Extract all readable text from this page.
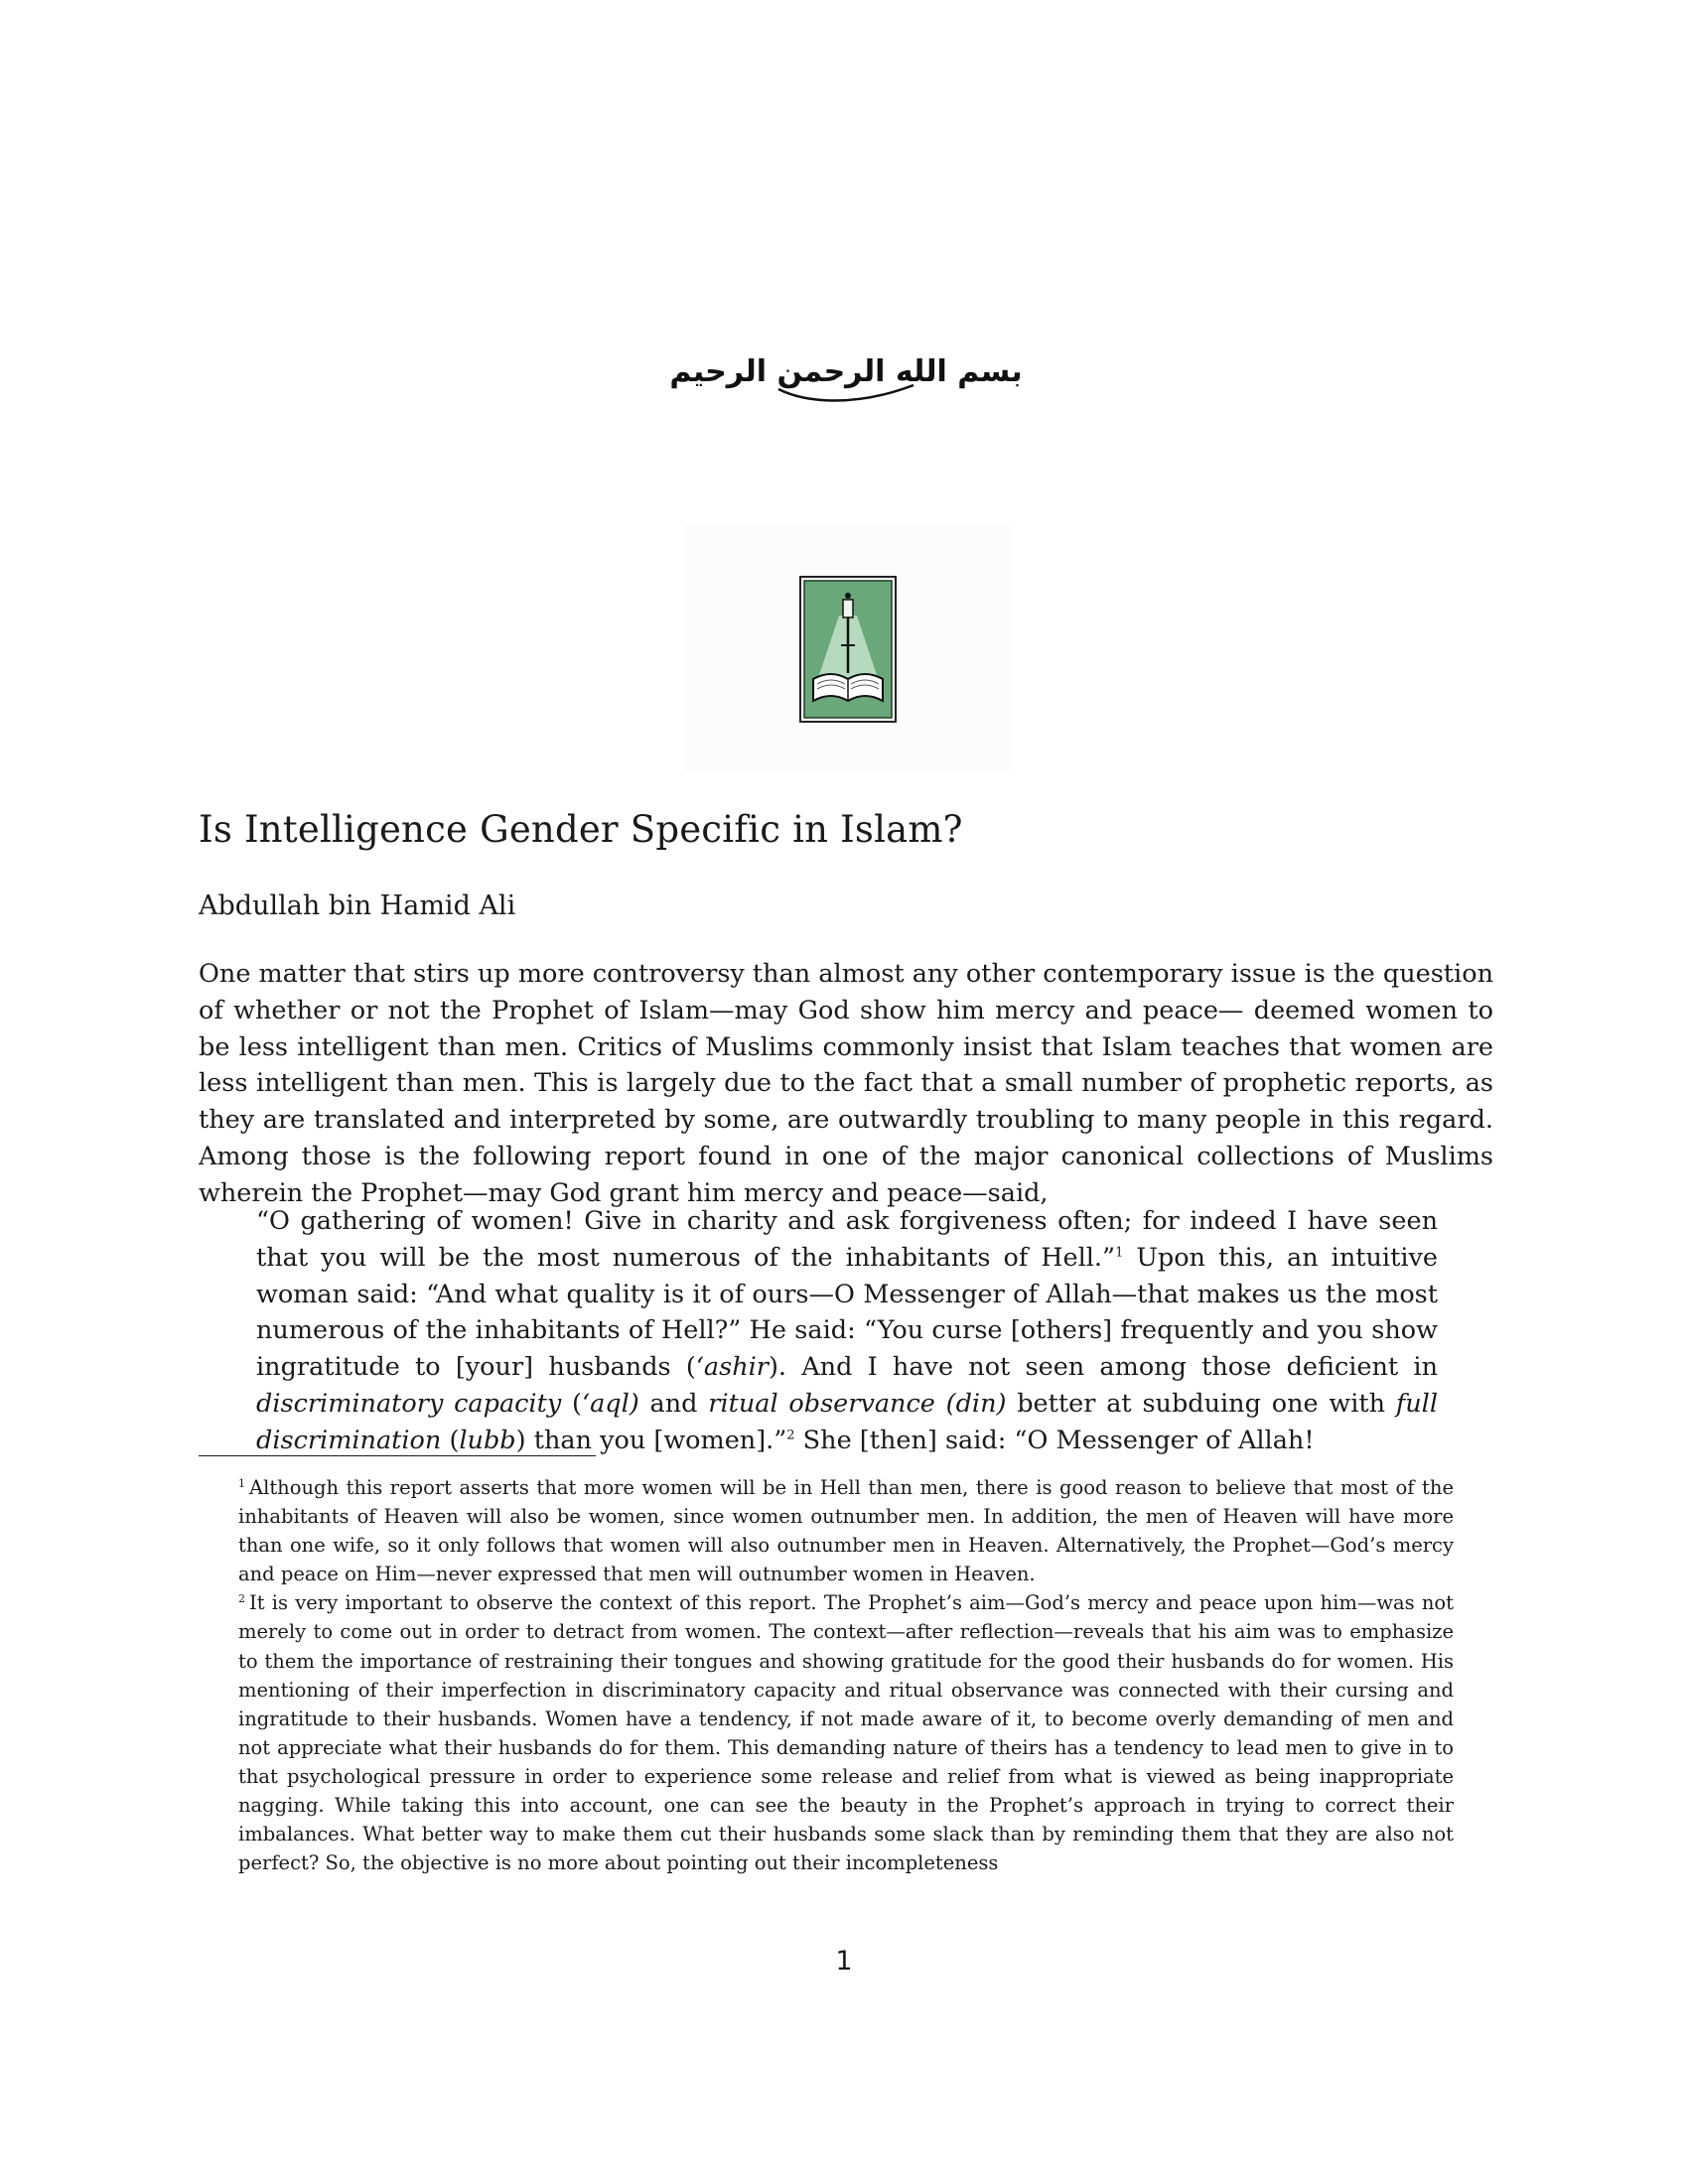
بسم الله الرحمن الرحيم
Is Intelligence Gender Specific in Islam?
Abdullah bin Hamid Ali

One matter that stirs up more controversy than almost any other contemporary issue is the question of whether or not the Prophet of Islam—may God show him mercy and peace— deemed women to be less intelligent than men. Critics of Muslims commonly insist that Islam teaches that women are less intelligent than men. This is largely due to the fact that a small number of prophetic reports, as they are translated and interpreted by some, are outwardly troubling to many people in this regard. Among those is the following report found in one of the major canonical collections of Muslims wherein the Prophet—may God grant him mercy and peace—said,

“O gathering of women! Give in charity and ask forgiveness often; for indeed I have seen that you will be the most numerous of the inhabitants of Hell.”$^1$ Upon this, an intuitive woman said: “And what quality is it of ours—O Messenger of Allah—that makes us the most numerous of the inhabitants of Hell?” He said: “You curse [others] frequently and you show ingratitude to [your] husbands (‘ashir). And I have not seen among those deficient in discriminatory capacity (‘aql) and ritual observance (din) better at subduing one with full discrimination (lubb) than you [women].”$^2$ She [then] said: “O Messenger of Allah!

$^1$ Although this report asserts that more women will be in Hell than men, there is good reason to believe that most of the inhabitants of Heaven will also be women, since women outnumber men. In addition, the men of Heaven will have more than one wife, so it only follows that women will also outnumber men in Heaven. Alternatively, the Prophet—God’s mercy and peace on Him—never expressed that men will outnumber women in Heaven.

$^2$ It is very important to observe the context of this report. The Prophet’s aim—God’s mercy and peace upon him—was not merely to come out in order to detract from women. The context—after reflection—reveals that his aim was to emphasize to them the importance of restraining their tongues and showing gratitude for the good their husbands do for women. His mentioning of their imperfection in discriminatory capacity and ritual observance was connected with their cursing and ingratitude to their husbands. Women have a tendency, if not made aware of it, to become overly demanding of men and not appreciate what their husbands do for them. This demanding nature of theirs has a tendency to lead men to give in to that psychological pressure in order to experience some release and relief from what is viewed as being inappropriate nagging. While taking this into account, one can see the beauty in the Prophet’s approach in trying to correct their imbalances. What better way to make them cut their husbands some slack than by reminding them that they are also not perfect? So, the objective is no more about pointing out their incompleteness

1
